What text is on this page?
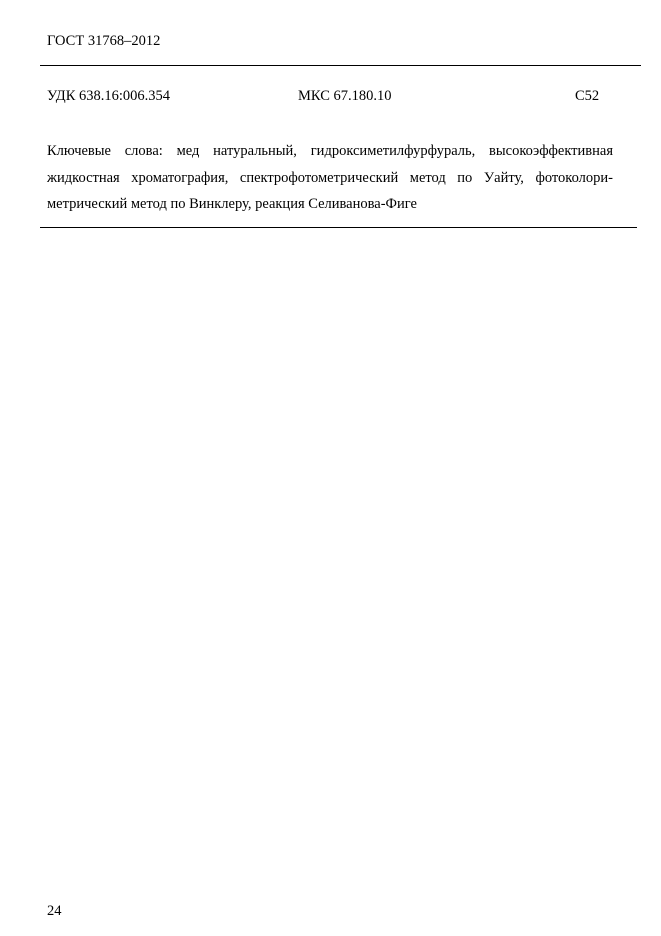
ГОСТ 31768–2012
УДК 638.16:006.354	МКС 67.180.10	С52
Ключевые слова: мед натуральный, гидроксиметилфурфураль, высокоэффективная
жидкостная хроматография, спектрофотометрический метод по Уайту, фотоколори-
метрический метод по Винклеру, реакция Селиванова-Фиге
24
